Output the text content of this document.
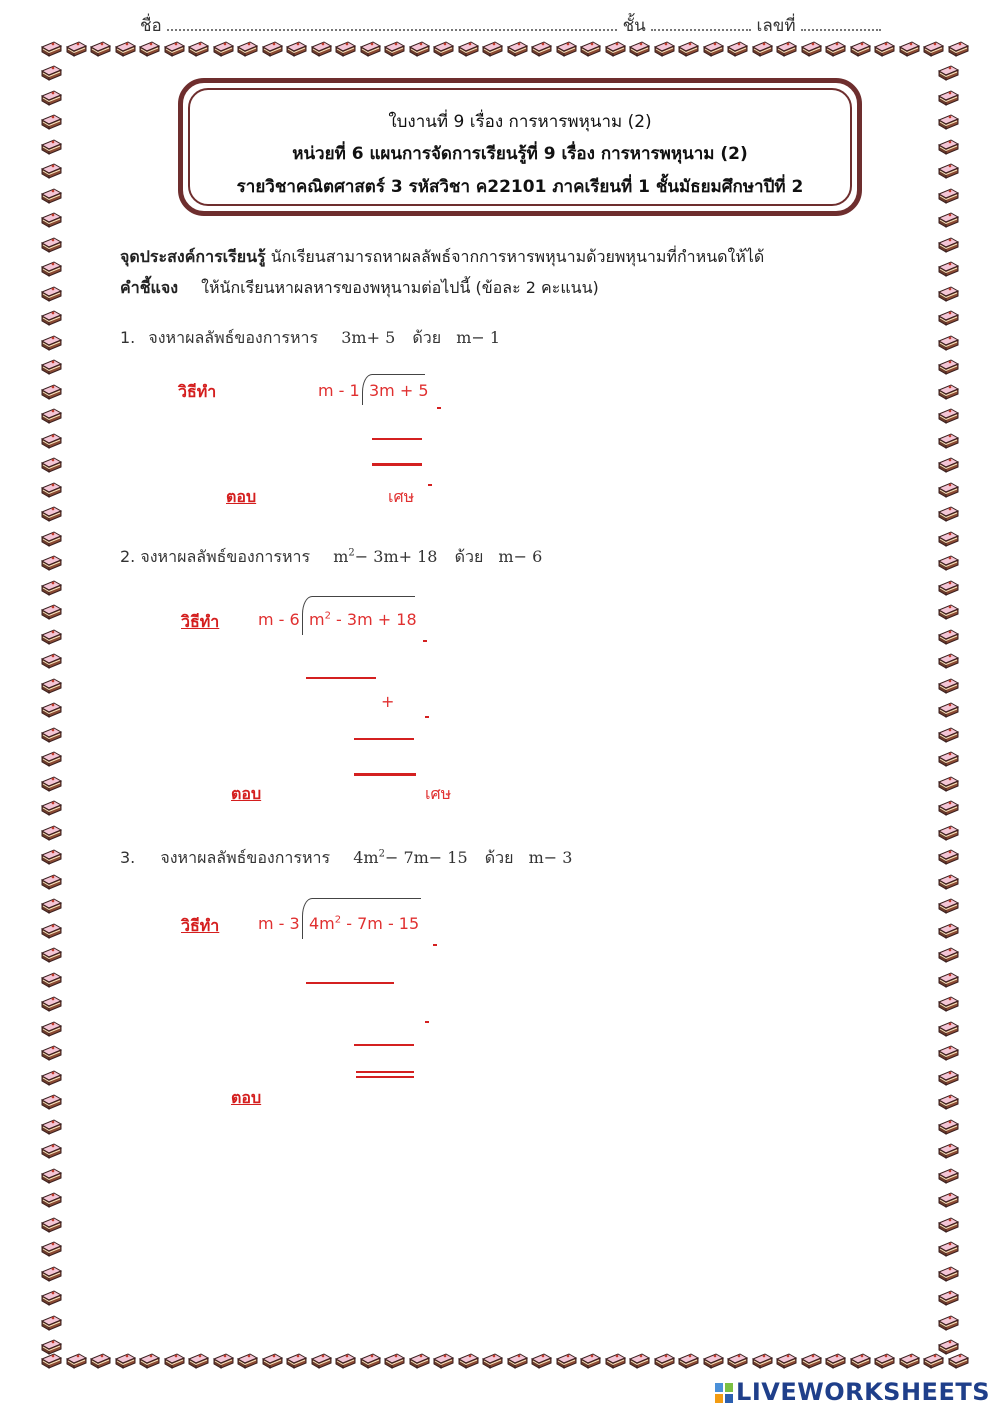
ชื่อ	ชั้น	เลขที่
ใบงานที่ 9 เรื่อง การหารพหุนาม (2)
หน่วยที่ 6 แผนการจัดการเรียนรู้ที่ 9 เรื่อง การหารพหุนาม (2)
รายวิชาคณิตศาสตร์ 3 รหัสวิชา ค22101 ภาคเรียนที่ 1 ชั้นมัธยมศึกษาปีที่ 2
จุดประสงค์การเรียนรู้ นักเรียนสามารถหาผลลัพธ์จากการหารพหุนามด้วยพหุนามที่กำหนดให้ได้
คำชี้แจง ให้นักเรียนหาผลหารของพหุนามต่อไปนี้ (ข้อละ 2 คะแนน)
1. จงหาผลลัพธ์ของการหาร 3m+ 5 ด้วย m− 1
วิธีทำ	m - 1 3m + 5
ตอบ	เศษ
2. จงหาผลลัพธ์ของการหาร $m^2- 3m+ 18$ ด้วย m− 6
วิธีทำ m - 6 $m^2 - 3m + 18$
+
ตอบ	เศษ
3. จงหาผลลัพธ์ของการหาร $4m^2- 7m- 15$ ด้วย m− 3
วิธีทำ m - 3 $4m^2 - 7m - 15$
ตอบ
LIVEWORKSHEETS
